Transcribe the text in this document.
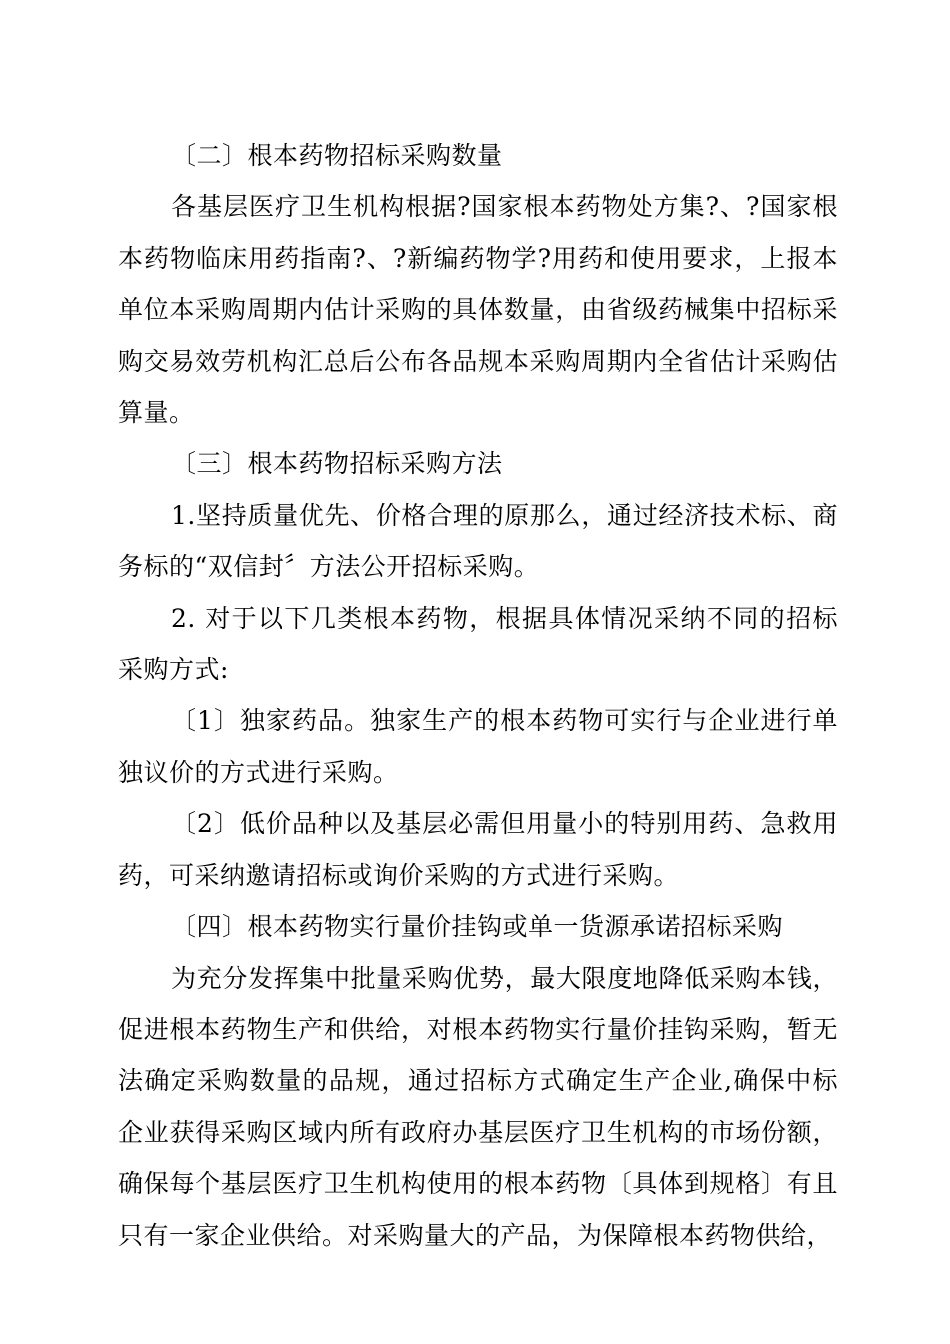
〔二〕根本药物招标采购数量

各基层医疗卫生机构根据?国家根本药物处方集?、?国家根本药物临床用药指南?、?新编药物学?用药和使用要求，上报本单位本采购周期内估计采购的具体数量，由省级药械集中招标采购交易效劳机构汇总后公布各品规本采购周期内全省估计采购估算量。

〔三〕根本药物招标采购方法

1.坚持质量优先、价格合理的原那么，通过经济技术标、商务标的“双信封〞方法公开招标采购。

2. 对于以下几类根本药物，根据具体情况采纳不同的招标采购方式:

〔1〕独家药品。独家生产的根本药物可实行与企业进行单独议价的方式进行采购。

〔2〕低价品种以及基层必需但用量小的特别用药、急救用药，可采纳邀请招标或询价采购的方式进行采购。

〔四〕根本药物实行量价挂钩或单一货源承诺招标采购

为充分发挥集中批量采购优势，最大限度地降低采购本钱，促进根本药物生产和供给，对根本药物实行量价挂钩采购，暂无法确定采购数量的品规，通过招标方式确定生产企业,确保中标企业获得采购区域内所有政府办基层医疗卫生机构的市场份额，确保每个基层医疗卫生机构使用的根本药物〔具体到规格〕有且只有一家企业供给。对采购量大的产品，为保障根本药物供给，
